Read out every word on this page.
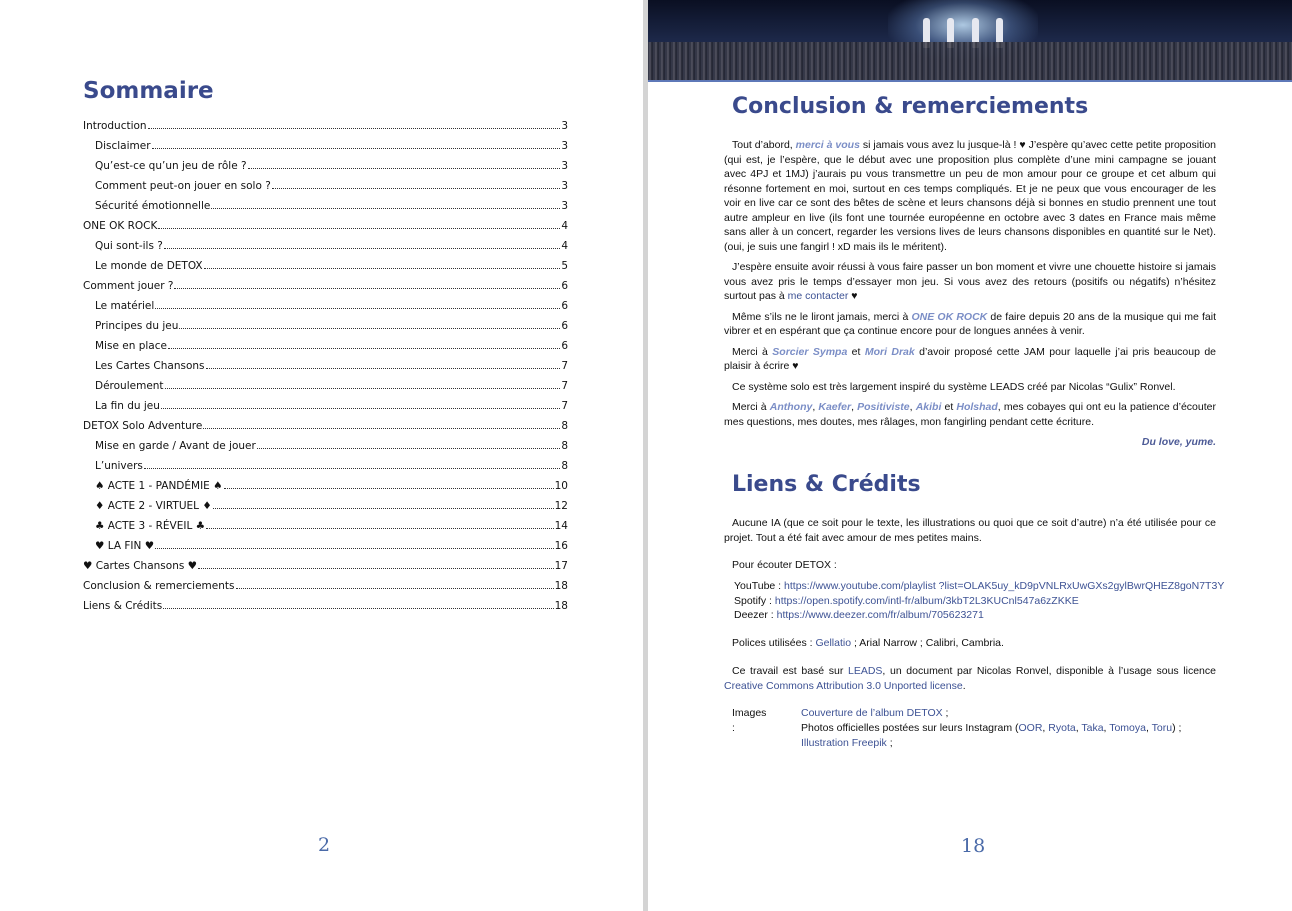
Sommaire
Introduction	3
Disclaimer	3
Qu’est-ce qu’un jeu de rôle ?	3
Comment peut-on jouer en solo ?	3
Sécurité émotionnelle	3
ONE OK ROCK	4
Qui sont-ils ?	4
Le monde de DETOX	5
Comment jouer ?	6
Le matériel	6
Principes du jeu	6
Mise en place	6
Les Cartes Chansons	7
Déroulement	7
La fin du jeu	7
DETOX Solo Adventure	8
Mise en garde / Avant de jouer	8
L’univers	8
♠ ACTE 1 - PANDÉMIE ♠	10
♦ ACTE 2 - VIRTUEL ♦	12
♣ ACTE 3 - RÉVEIL ♣	14
♥ LA FIN ♥	16
♥ Cartes Chansons ♥	17
Conclusion & remerciements	18
Liens & Crédits	18
2
Conclusion & remerciements

Tout d’abord, merci à vous si jamais vous avez lu jusque-là ! ♥ J’espère qu’avec cette petite proposition (qui est, je l’espère, que le début avec une proposition plus complète d’une mini campagne se jouant avec 4PJ et 1MJ) j’aurais pu vous transmettre un peu de mon amour pour ce groupe et cet album qui résonne fortement en moi, surtout en ces temps compliqués. Et je ne peux que vous encourager de les voir en live car ce sont des bêtes de scène et leurs chansons déjà si bonnes en studio prennent une tout autre ampleur en live (ils font une tournée européenne en octobre avec 3 dates en France mais même sans aller à un concert, regarder les versions lives de leurs chansons disponibles en quantité sur le Net). (oui, je suis une fangirl ! xD mais ils le méritent).

J’espère ensuite avoir réussi à vous faire passer un bon moment et vivre une chouette histoire si jamais vous avez pris le temps d’essayer mon jeu. Si vous avez des retours (positifs ou négatifs) n’hésitez surtout pas à me contacter ♥

Même s’ils ne le liront jamais, merci à ONE OK ROCK de faire depuis 20 ans de la musique qui me fait vibrer et en espérant que ça continue encore pour de longues années à venir.

Merci à Sorcier Sympa et Mori Drak d’avoir proposé cette JAM pour laquelle j’ai pris beaucoup de plaisir à écrire ♥

Ce système solo est très largement inspiré du système LEADS créé par Nicolas “Gulix” Ronvel.

Merci à Anthony, Kaefer, Positiviste, Akibi et Holshad, mes cobayes qui ont eu la patience d’écouter mes questions, mes doutes, mes râlages, mon fangirling pendant cette écriture.

Du love, yume.

Liens & Crédits

Aucune IA (que ce soit pour le texte, les illustrations ou quoi que ce soit d’autre) n’a été utilisée pour ce projet. Tout a été fait avec amour de mes petites mains.

Pour écouter DETOX :
YouTube : https://www.youtube.com/playlist ?list=OLAK5uy_kD9pVNLRxUwGXs2gylBwrQHEZ8goN7T3Y
Spotify : https://open.spotify.com/intl-fr/album/3kbT2L3KUCnl547a6zZKKE
Deezer : https://www.deezer.com/fr/album/705623271
Polices utilisées : Gellatio ; Arial Narrow ; Calibri, Cambria.

Ce travail est basé sur LEADS, un document par Nicolas Ronvel, disponible à l’usage sous licence Creative Commons Attribution 3.0 Unported license.

Images :
Couverture de l’album DETOX ;
Photos officielles postées sur leurs Instagram (OOR, Ryota, Taka, Tomoya, Toru) ;
Illustration Freepik ;
18
